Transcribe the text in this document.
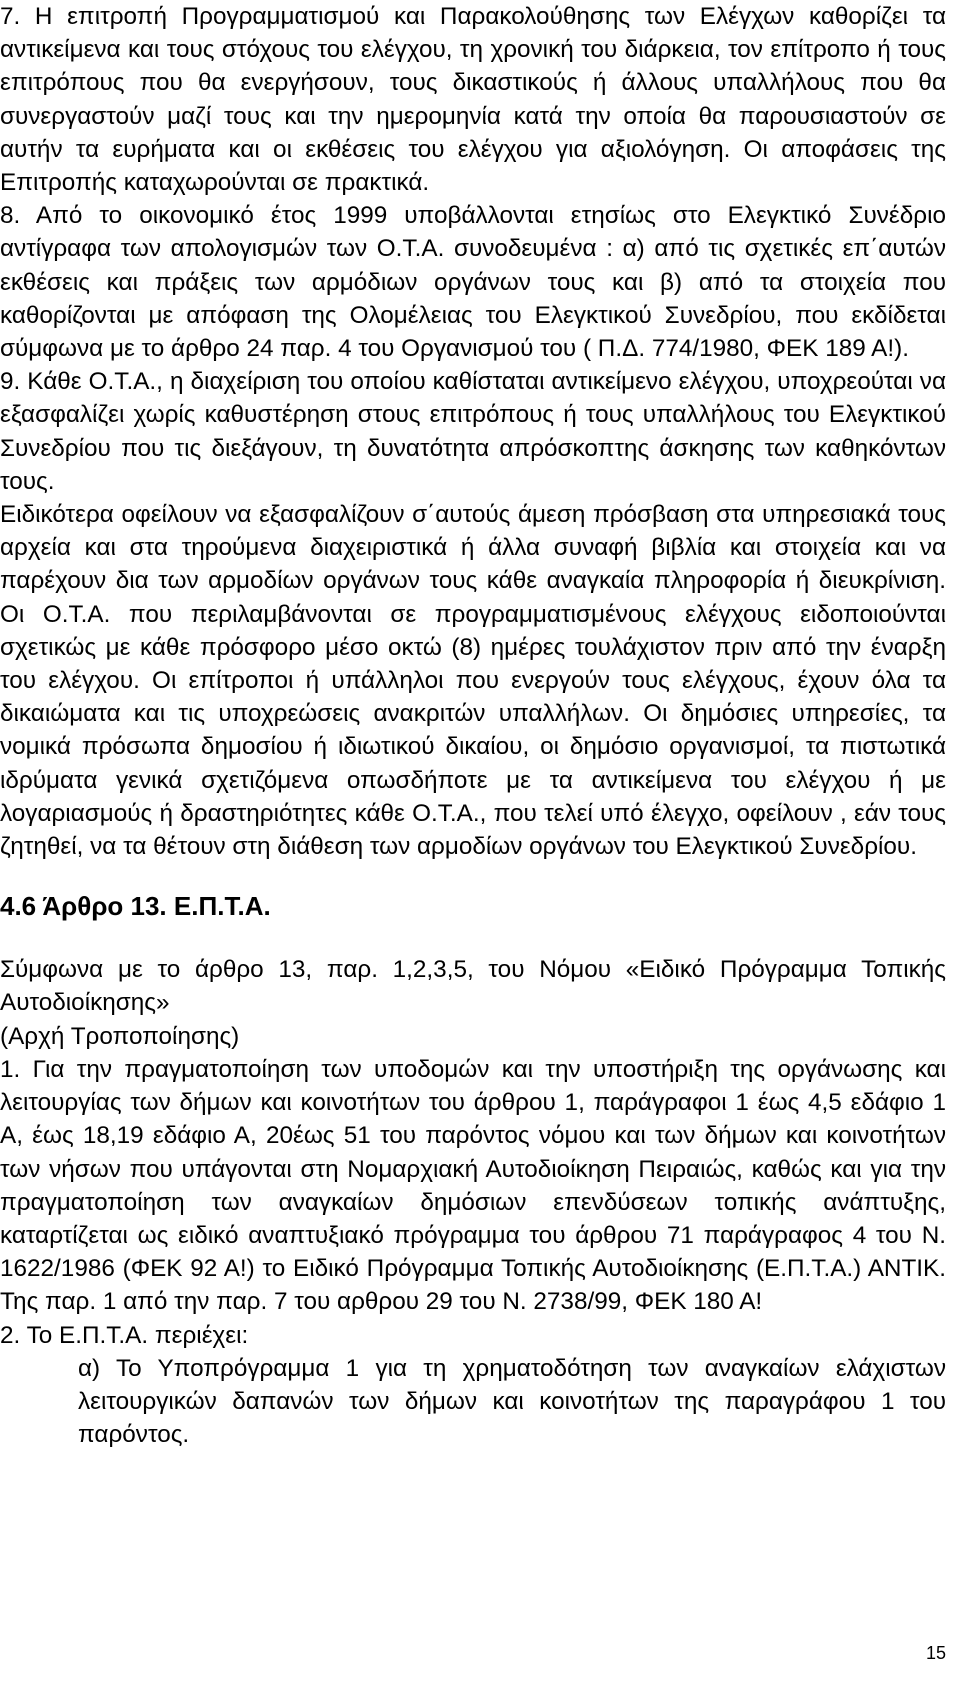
7. Η επιτροπή Προγραμματισμού και Παρακολούθησης των Ελέγχων καθορίζει τα αντικείμενα και τους στόχους του ελέγχου, τη χρονική του διάρκεια, τον επίτροπο ή τους επιτρόπους που θα ενεργήσουν, τους δικαστικούς ή άλλους υπαλλήλους που θα συνεργαστούν μαζί τους και την ημερομηνία κατά την οποία θα παρουσιαστούν σε αυτήν τα ευρήματα και οι εκθέσεις του ελέγχου για αξιολόγηση. Οι αποφάσεις της Επιτροπής καταχωρούνται σε πρακτικά.

8. Από το οικονομικό έτος 1999 υποβάλλονται ετησίως στο Ελεγκτικό Συνέδριο αντίγραφα των απολογισμών των Ο.Τ.Α. συνοδευμένα : α) από τις σχετικές επ΄αυτών εκθέσεις και πράξεις των αρμόδιων οργάνων τους και β) από τα στοιχεία που καθορίζονται με απόφαση της Ολομέλειας του Ελεγκτικού Συνεδρίου, που εκδίδεται σύμφωνα με το άρθρο 24 παρ. 4 του Οργανισμού του ( Π.Δ. 774/1980, ΦΕΚ 189 Α!).

9. Κάθε Ο.Τ.Α., η διαχείριση του οποίου καθίσταται αντικείμενο ελέγχου, υποχρεούται να εξασφαλίζει χωρίς καθυστέρηση στους επιτρόπους ή τους υπαλλήλους του Ελεγκτικού Συνεδρίου που τις διεξάγουν, τη δυνατότητα απρόσκοπτης άσκησης των καθηκόντων τους.

Ειδικότερα οφείλουν να εξασφαλίζουν σ΄αυτούς άμεση πρόσβαση στα υπηρεσιακά τους αρχεία και στα τηρούμενα διαχειριστικά ή άλλα συναφή βιβλία και στοιχεία και να παρέχουν δια των αρμοδίων οργάνων τους κάθε αναγκαία πληροφορία ή διευκρίνιση. Οι Ο.Τ.Α. που περιλαμβάνονται σε προγραμματισμένους ελέγχους ειδοποιούνται σχετικώς με κάθε πρόσφορο μέσο οκτώ (8) ημέρες τουλάχιστον πριν από την έναρξη του ελέγχου. Οι επίτροποι ή υπάλληλοι που ενεργούν τους ελέγχους, έχουν όλα τα δικαιώματα και τις υποχρεώσεις ανακριτών υπαλλήλων. Οι δημόσιες υπηρεσίες, τα νομικά πρόσωπα δημοσίου ή ιδιωτικού δικαίου, οι δημόσιο οργανισμοί, τα πιστωτικά ιδρύματα γενικά σχετιζόμενα οπωσδήποτε με τα αντικείμενα του ελέγχου ή με λογαριασμούς ή δραστηριότητες κάθε Ο.Τ.Α., που τελεί υπό έλεγχο, οφείλουν , εάν τους ζητηθεί, να τα θέτουν στη διάθεση των αρμοδίων οργάνων του Ελεγκτικού Συνεδρίου.

4.6 Άρθρο 13. Ε.Π.Τ.Α.

Σύμφωνα με το άρθρο 13, παρ. 1,2,3,5, του Νόμου «Ειδικό Πρόγραμμα Τοπικής Αυτοδιοίκησης»

(Αρχή Τροποποίησης)

1. Για την πραγματοποίηση των υποδομών και την υποστήριξη της οργάνωσης και λειτουργίας των δήμων και κοινοτήτων του άρθρου 1, παράγραφοι 1 έως 4,5 εδάφιο 1 Α, έως 18,19 εδάφιο Α, 20έως 51 του παρόντος νόμου και των δήμων και κοινοτήτων των νήσων που υπάγονται στη Νομαρχιακή Αυτοδιοίκηση Πειραιώς, καθώς και για την πραγματοποίηση των αναγκαίων δημόσιων επενδύσεων τοπικής ανάπτυξης, καταρτίζεται ως ειδικό αναπτυξιακό πρόγραμμα του άρθρου 71 παράγραφος 4 του Ν. 1622/1986 (ΦΕΚ 92 Α!) το Ειδικό Πρόγραμμα Τοπικής Αυτοδιοίκησης (Ε.Π.Τ.Α.) ΑΝΤΙΚ. Της παρ. 1 από την παρ. 7 του αρθρου 29 του Ν. 2738/99, ΦΕΚ 180 Α!

2. Το Ε.Π.Τ.Α. περιέχει:

α) Το Υποπρόγραμμα 1 για τη χρηματοδότηση των αναγκαίων ελάχιστων λειτουργικών δαπανών των δήμων και κοινοτήτων της παραγράφου 1 του παρόντος.

15
